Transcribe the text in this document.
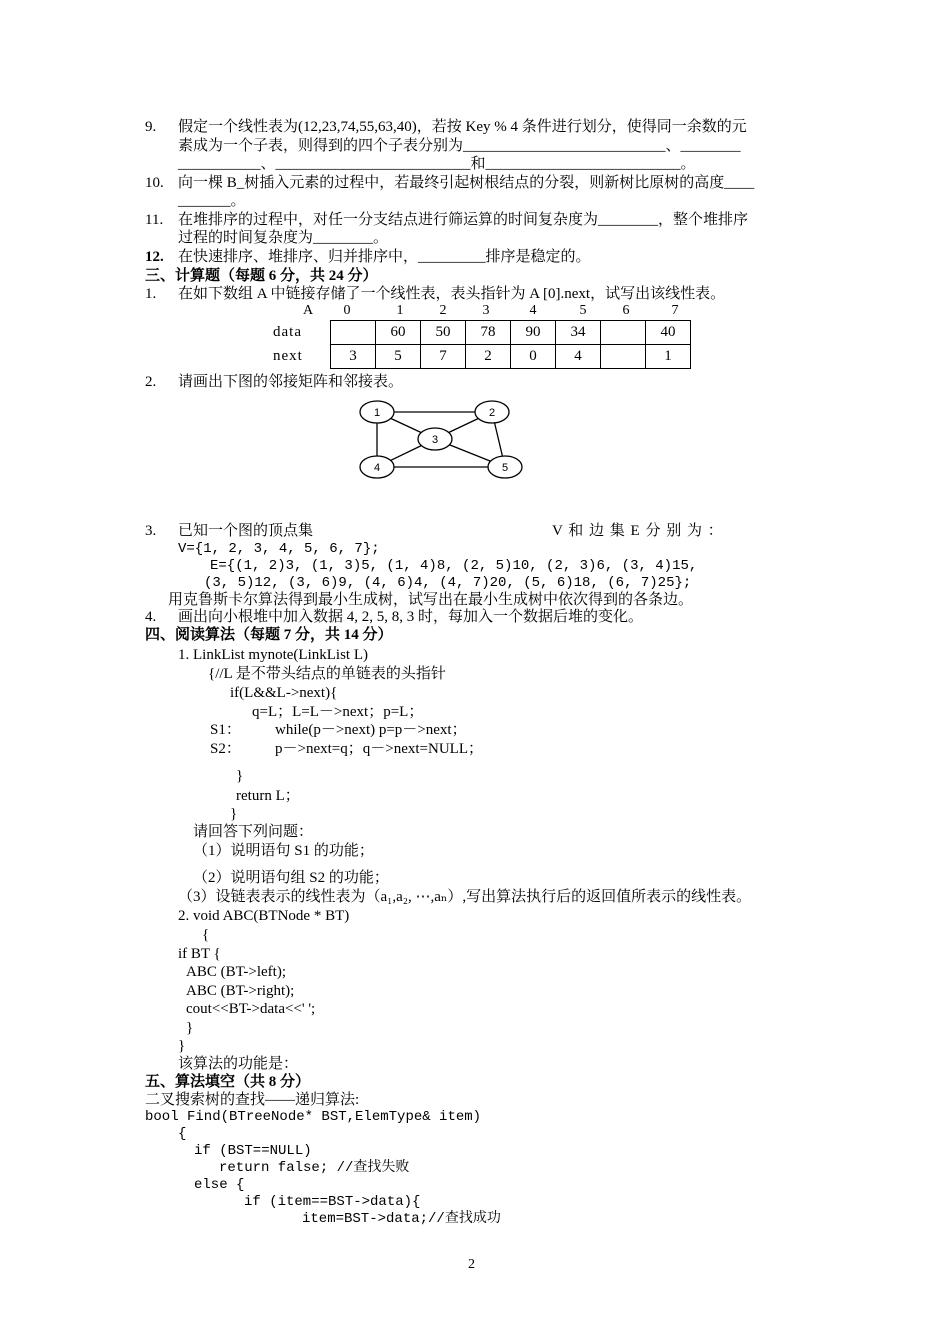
9.	假定一个线性表为(12,23,74,55,63,40)，若按 Key % 4 条件进行划分，使得同一余数的元
素成为一个子表，则得到的四个子表分别为___________________________、________
___________、__________________________和__________________________。
10. 向一棵 B_树插入元素的过程中，若最终引起树根结点的分裂，则新树比原树的高度____
_______。
11. 在堆排序的过程中，对任一分支结点进行筛运算的时间复杂度为________，整个堆排序
过程的时间复杂度为________。
12. 在快速排序、堆排序、归并排序中，_________排序是稳定的。
三、计算题（每题 6 分，共 24 分）
1.	在如下数组 A 中链接存储了一个线性表，表头指针为 A [0].next，试写出该线性表。
A	0	1	2	3	4	5	6	7
data		60	50	78	90	34		40
next	3	5	7	2	0	4		1
2.	请画出下图的邻接矩阵和邻接表。
1	2
3
4	5
3.	已知一个图的顶点集	V 和 边 集 E 分 别 为 ：
V={1, 2, 3, 4, 5, 6, 7};
E={(1, 2)3, (1, 3)5, (1, 4)8, (2, 5)10, (2, 3)6, (3, 4)15,
(3, 5)12, (3, 6)9, (4, 6)4, (4, 7)20, (5, 6)18, (6, 7)25};
用克鲁斯卡尔算法得到最小生成树，试写出在最小生成树中依次得到的各条边。
4.	画出向小根堆中加入数据 4, 2, 5, 8, 3 时，每加入一个数据后堆的变化。
四、阅读算法（每题 7 分，共 14 分）
1. LinkList mynote(LinkList L)
{//L 是不带头结点的单链表的头指针
if(L&&L->next){
q=L；L=L－>next；p=L；
S1： while(p－>next) p=p－>next；
S2： p－>next=q；q－>next=NULL；
}
return L；
}
请回答下列问题：
（1）说明语句 S1 的功能；
（2）说明语句组 S2 的功能；
（3）设链表表示的线性表为（a₁,a₂, ⋯,aₙ）,写出算法执行后的返回值所表示的线性表。
2. void ABC(BTNode * BT)
{
if BT {
ABC (BT->left);
ABC (BT->right);
cout<<BT->data<<' ';
}
}
该算法的功能是：
五、算法填空（共 8 分）
二叉搜索树的查找——递归算法:
bool Find(BTreeNode* BST,ElemType& item)
{
if (BST==NULL)
return false; //查找失败
else {
if (item==BST->data){
item=BST->data;//查找成功
2
